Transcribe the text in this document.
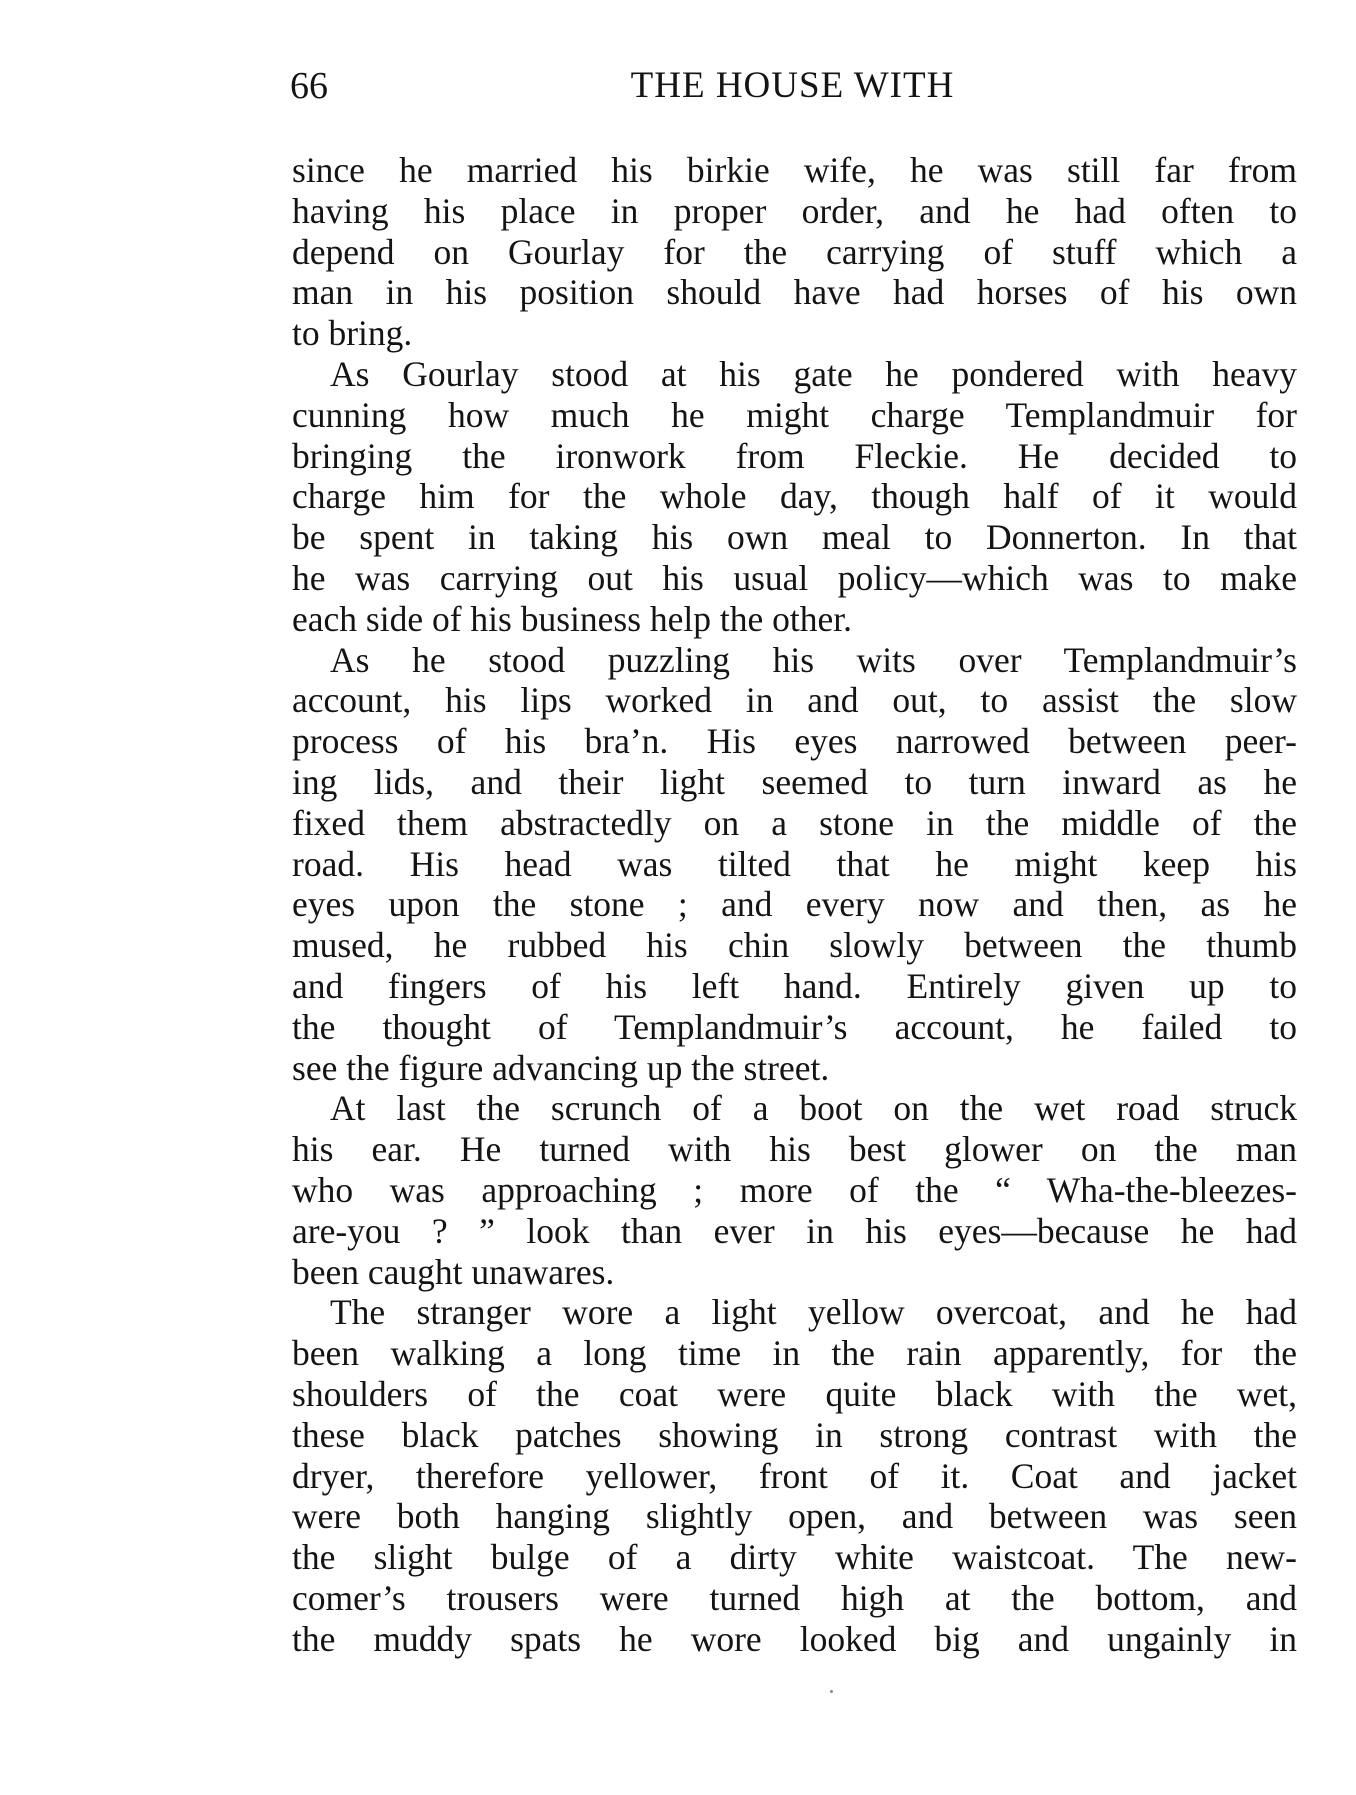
66	THE HOUSE WITH
since he married his birkie wife, he was still far from
having his place in proper order, and he had often to
depend on Gourlay for the carrying of stuff which a
man in his position should have had horses of his own
to bring.
As Gourlay stood at his gate he pondered with heavy
cunning how much he might charge Templandmuir for
bringing the ironwork from Fleckie. He decided to
charge him for the whole day, though half of it would
be spent in taking his own meal to Donnerton. In that
he was carrying out his usual policy—which was to make
each side of his business help the other.
As he stood puzzling his wits over Templandmuir’s
account, his lips worked in and out, to assist the slow
process of his bra’n. His eyes narrowed between peer-
ing lids, and their light seemed to turn inward as he
fixed them abstractedly on a stone in the middle of the
road. His head was tilted that he might keep his
eyes upon the stone ; and every now and then, as he
mused, he rubbed his chin slowly between the thumb
and fingers of his left hand. Entirely given up to
the thought of Templandmuir’s account, he failed to
see the figure advancing up the street.
At last the scrunch of a boot on the wet road struck
his ear. He turned with his best glower on the man
who was approaching ; more of the “ Wha-the-bleezes-
are-you ? ” look than ever in his eyes—because he had
been caught unawares.
The stranger wore a light yellow overcoat, and he had
been walking a long time in the rain apparently, for the
shoulders of the coat were quite black with the wet,
these black patches showing in strong contrast with the
dryer, therefore yellower, front of it. Coat and jacket
were both hanging slightly open, and between was seen
the slight bulge of a dirty white waistcoat. The new-
comer’s trousers were turned high at the bottom, and
the muddy spats he wore looked big and ungainly in
